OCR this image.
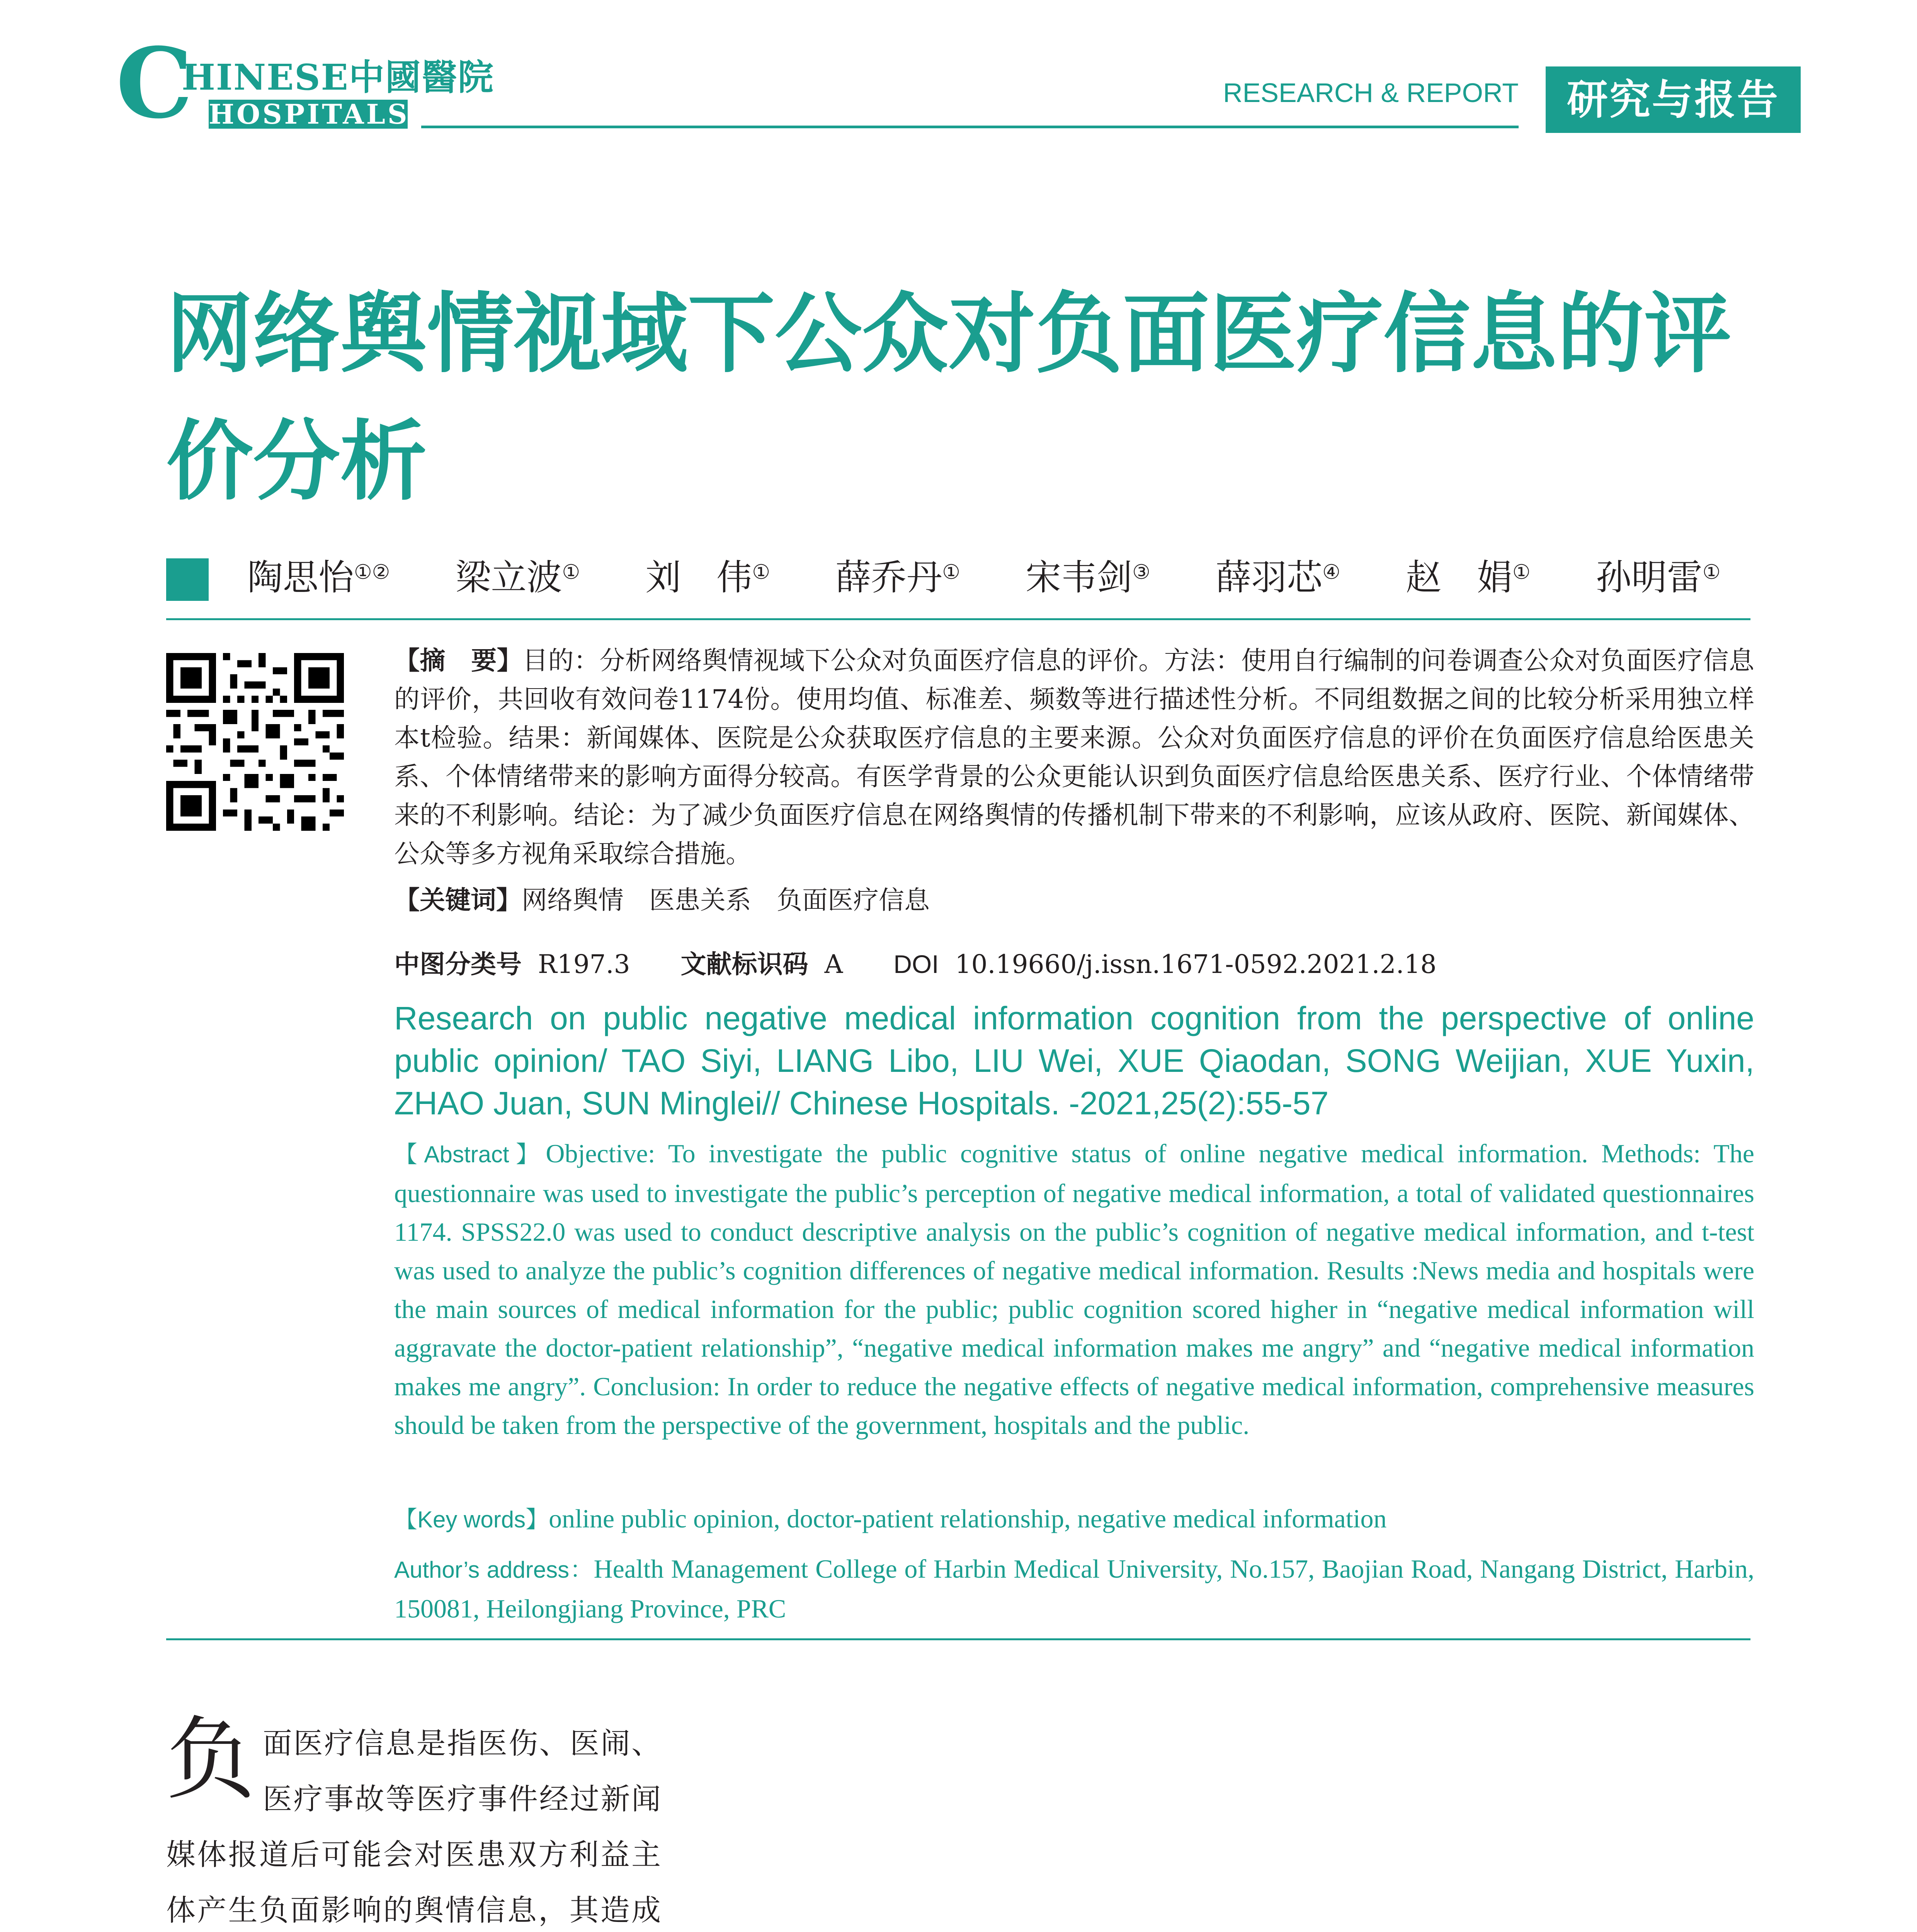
C
HINESE中國醫院
HOSPITALS
RESEARCH & REPORT	研究与报告
网络舆情视域下公众对负面医疗信息的评价分析
陶思怡①② 梁立波① 刘　伟① 薛乔丹① 宋韦剑③ 薛羽芯④ 赵　娟① 孙明雷①
【摘　要】目的：分析网络舆情视域下公众对负面医疗信息的评价。方法：使用自行编制的问卷调查公众对负面医疗信息的评价，共回收有效问卷1174份。使用均值、标准差、频数等进行描述性分析。不同组数据之间的比较分析采用独立样本t检验。结果：新闻媒体、医院是公众获取医疗信息的主要来源。公众对负面医疗信息的评价在负面医疗信息给医患关系、个体情绪带来的影响方面得分较高。有医学背景的公众更能认识到负面医疗信息给医患关系、医疗行业、个体情绪带来的不利影响。结论：为了减少负面医疗信息在网络舆情的传播机制下带来的不利影响，应该从政府、医院、新闻媒体、公众等多方视角采取综合措施。
【关键词】网络舆情　医患关系　负面医疗信息
中图分类号 R197.3 文献标识码 A DOI 10.19660/j.issn.1671-0592.2021.2.18
Research on public negative medical information cognition from the perspective of online public opinion/ TAO Siyi, LIANG Libo, LIU Wei, XUE Qiaodan, SONG Weijian, XUE Yuxin, ZHAO Juan, SUN Minglei// Chinese Hospitals. -2021,25(2):55-57
【Abstract】Objective: To investigate the public cognitive status of online negative medical information. Methods: The questionnaire was used to investigate the public’s perception of negative medical information, a total of validated questionnaires 1174. SPSS22.0 was used to conduct descriptive analysis on the public’s cognition of negative medical information, and t-test was used to analyze the public’s cognition differences of negative medical information. Results :News media and hospitals were the main sources of medical information for the public; public cognition scored higher in “negative medical information will aggravate the doctor-patient relationship”, “negative medical information makes me angry” and “negative medical information makes me angry”. Conclusion: In order to reduce the negative effects of negative medical information, comprehensive measures should be taken from the perspective of the government, hospitals and the public.
【Key words】online public opinion, doctor-patient relationship, negative medical information
Author’s address：Health Management College of Harbin Medical University, No.157, Baojian Road, Nangang District, Harbin, 150081, Heilongjiang Province, PRC

负面医疗信息是指医伤、医闹、医疗事故等医疗事件经过新闻媒体报道后可能会对医患双方利益主体产生负面影响的舆情信息，其造成
